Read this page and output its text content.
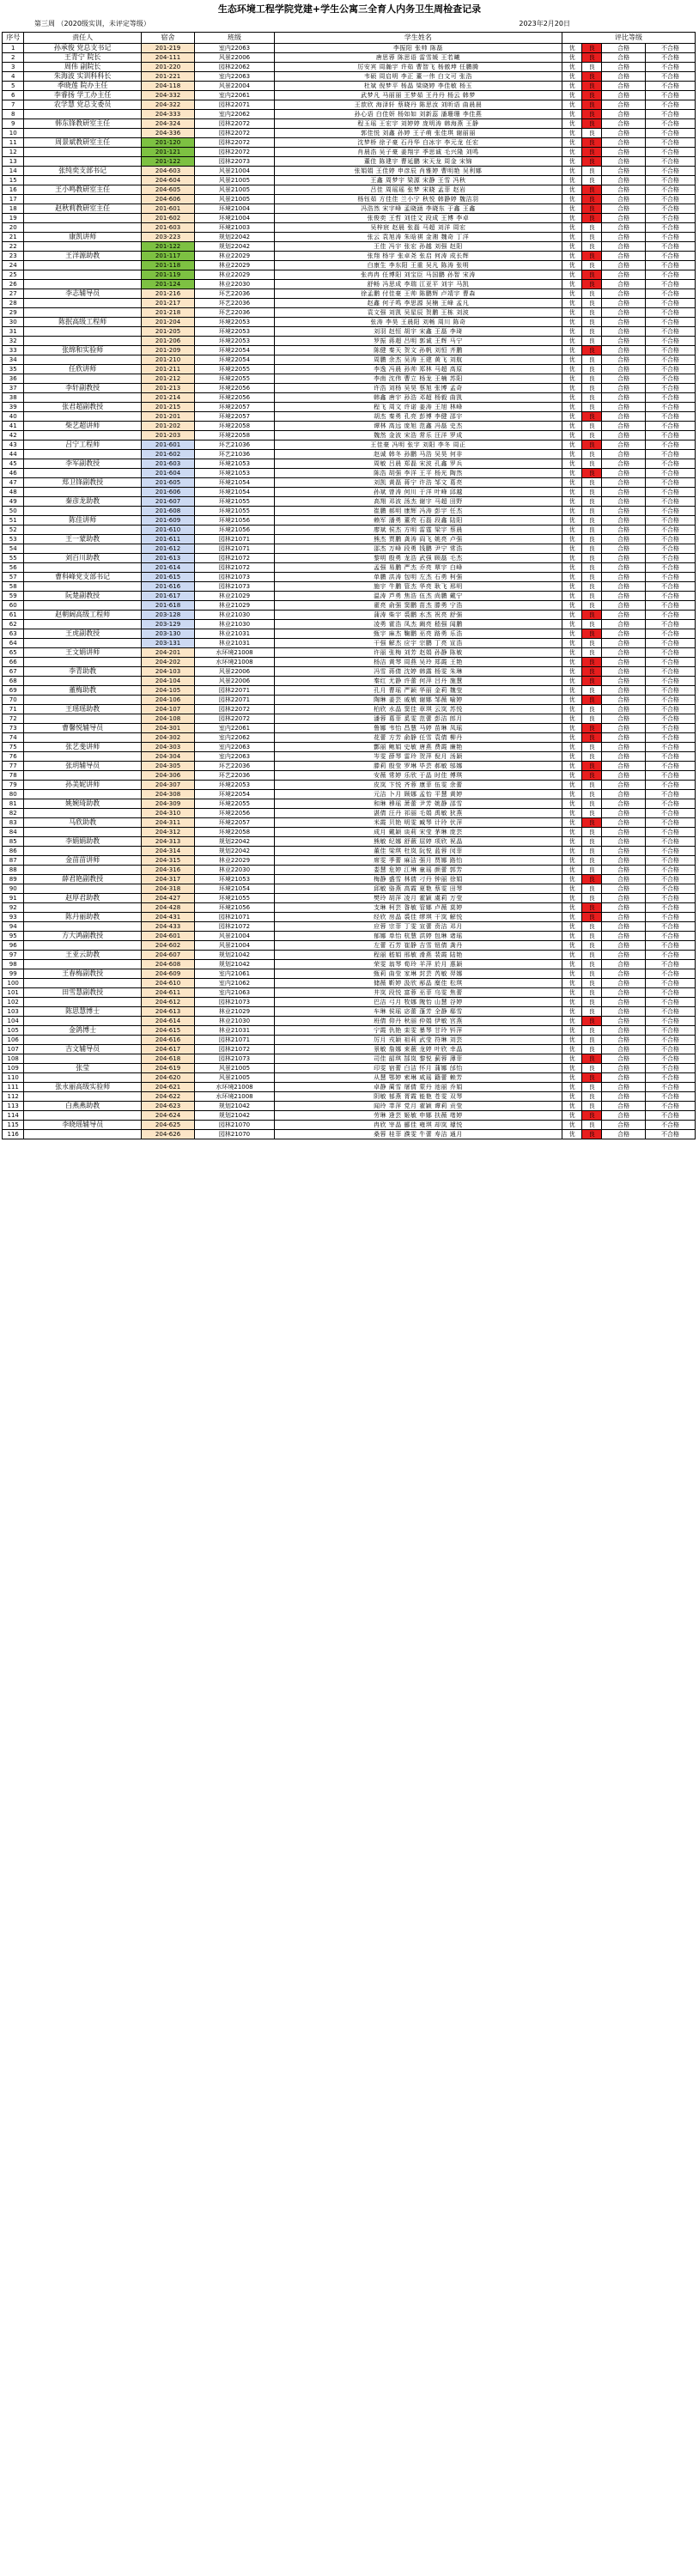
生态环境工程学院党建+学生公寓三全育人内务卫生周检查记录
第三周 （2020级实训，未评定等级）	2023年2月20日
序号	责任人	宿舍	班级	学生姓名	评比等级			
1	孙承俊 党总支书记	201-219	室内22063	李振阳 张帅 陈磊	优	良	合格	不合格
2	王青宁 院长	204-111	风景22006	唐思蓉 陈思语 雷雪媛 王若曦	优	良	合格	不合格
3	周伟 副院长	201-220	园林22062	厉安宾 周瀚宇 许茹 曹智飞 杨傲坤 任鹏腾	优	良	合格	不合格
4	朱海波 实训科科长	201-221	室内22063	韦硕 周启明 李正 董一伟 白文可 张浩	优	良	合格	不合格
5	季晓莲 院办主任	204-118	风景22004	杜斌 倪梦平 杨晶 梁晓婷 李佳敏 杨玉	优	良	合格	不合格
6	李睿扬 学工办主任	204-332	室内22061	武梦凡 马丽丽 王梦茹 王丹丹 杨云 韩梦	优	良	合格	不合格
7	农学慧 党总支委员	204-322	园林22071	王歆欣 海泽轩 蔡晓丹 陈思汝 刘昕语 曲晨晨	优	良	合格	不合格
8		204-333	室内22062	孙心语 白佳妍 杨如如 刘新蕊 潘珊珊 李佳燕	优	良	合格	不合格
9	韩东锋教研室主任	204-324	园林22072	程玉瑶 王宏宇 刘婷婷 庞明涛 韩海燕 王静	优	良	合格	不合格
10		204-336	园林22072	郭佳悦 刘鑫 孙婷 王子萌 张佳琪 谢丽丽	优	良	合格	不合格
11	周景斌教研室主任	201-120	园林22072	沈梦桥 徐子豪 石丹华 白冰宇 李元龙 任宏	优	良	合格	不合格
12		201-121	园林22072	肖晨浩 吴子豪 姜翔宇 季思诚 毛兴隆 刘鸣	优	良	合格	不合格
13		201-122	园林22073	董佳 陈建宇 曹延鹏 宋天龙 周金 宋锦	优	良	合格	不合格
14	张纯奕支部书记	204-603	风景21004	张娟娟 王佳婷 申彦辰 肖雅婷 曹明艳 吴利娜	优	良	合格	不合格
15		204-604	风景21005	王鑫 周梦宇 梁源 宋静 王雪 冯秋	优	良	合格	不合格
16	王小鸣教研室主任	204-605	风景21005	吕佳 周瑶瑶 张梦 宋晓 孟菲 赵岩	优	良	合格	不合格
17		204-606	风景21005	杨钰茹 方佳佳 兰小宁 秋悦 韩静婷 魏洁羽	优	良	合格	不合格
18	赵秋莉教研室主任	201-601	环境21004	冯浩然 宋宇峰 孟晓涵 李晓东 于鑫 王鑫	优	良	合格	不合格
19		201-602	环境21004	张俊奕 王哲 刘佳文 段成 王博 李卓	优	良	合格	不合格
20		201-603	环境21003	吴梓宸 赵晨 张磊 马超 刘洋 周宏	优	良	合格	不合格
21	康凯讲师	203-223	规划22042	张云 袁旭涛 朱晗祺 金湘 魏奇 丁洋	优	良	合格	不合格
22		201-122	规划22042	王佳 冯宇 张宏 孙越 刘强 赵阳	优	良	合格	不合格
23	王洋源助教	201-117	林业22029	张翔 杨宇 张卓尧 张启 何涛 成长辉	优	良	合格	不合格
24		201-118	林业22029	白康生 李东阳 王重 吴凡 陈涛 张明	优	良	合格	不合格
25		201-119	林业22029	张冉冉 任博阳 刘宝臣 马国鹏 孙智 宋涛	优	良	合格	不合格
26		201-124	林业22030	舒畅 冯思成 李瑞 江亚平 刘宇 马凯	优	良	合格	不合格
27	李志辅导员	201-216	环艺22036	徐孟鹏 付佳豪 王帅 陈鹏辉 卢靖宇 曹森	优	良	合格	不合格
28		201-217	环艺22036	赵鑫 何子鸣 李思源 吴楠 王峰 孟凡	优	良	合格	不合格
29		201-218	环艺22036	袁文强 刘凯 吴星辰 贺鹏 王栋 刘波	优	良	合格	不合格
30	陈抿高级工程师	201-204	环境22053	张涛 李昊 王晨阳 刘畅 周川 陈奇	优	良	合格	不合格
31		201-205	环境22053	刘羽 赵恒 胡宇 宋鑫 王磊 李琦	优	良	合格	不合格
32		201-206	环境22053	罗振 蒋超 吕明 郭诚 王辉 马宁	优	良	合格	不合格
33	张绵和实验师	201-209	环境22054	陈健 秦天 贺文 孙帆 刘恒 齐鹏	优	良	合格	不合格
34		201-210	环境22054	周鹏 余杰 吴涛 王建 黄飞 刘航	优	良	合格	不合格
35	任欣讲师	201-211	环境22055	李逸 冯晨 孙帅 郑林 马超 高原	优	良	合格	不合格
36		201-212	环境22055	李南 沈伟 曹立 杨龙 王楠 苏阳	优	良	合格	不合格
37	李轩副教授	201-213	环境22056	许浩 刘杨 吴昊 蔡旭 张博 孟奇	优	良	合格	不合格
38		201-214	环境22056	韩鑫 唐宇 孙浩 邓超 杨毅 曲凯	优	良	合格	不合格
39	张君超副教授	201-215	环境22057	程飞 周文 许诺 姜涛 王旭 林峰	优	良	合格	不合格
40		201-201	环境22057	胡杰 秦勇 孔亮 彭博 李健 邵宇	优	良	合格	不合格
41	柴艺超讲师	201-202	环境22058	谭林 高远 庞旭 范鑫 冯磊 史杰	优	良	合格	不合格
42		201-203	环境22058	魏然 金波 宋浩 常乐 汪洋 罗成	优	良	合格	不合格
43	吕宁工程师	201-601	环艺21036	王佳豪 冯明 张宇 刘阳 李冬 周正	优	良	合格	不合格
44		201-602	环艺21036	赵诚 韩冬 孙鹏 马浩 吴昊 何非	优	良	合格	不合格
45	李军副教授	201-603	环境21053	周敏 吕晨 郑磊 宋波 孔鑫 罗兵	优	良	合格	不合格
46		201-604	环境21053	陈浩 胡强 李洋 王平 杨光 陶然	优	良	合格	不合格
47	郑卫锋副教授	201-605	环境21054	刘凯 黄磊 蒋宁 许浩 邹文 葛亮	优	良	合格	不合格
48		201-606	环境21054	孙斌 曾涛 何川 于洋 叶峰 邱越	优	良	合格	不合格
49	秦彦龙助教	201-607	环境21055	高翔 邓波 汤杰 谢宇 马超 田野	优	良	合格	不合格
50		201-608	环境21055	崔鹏 郝明 康辉 冯涛 彭宇 任杰	优	良	合格	不合格
51	陈佳讲师	201-609	环境21056	赖军 潘勇 董亮 石磊 段鑫 陆阳	优	良	合格	不合格
52		201-610	环境21056	廖斌 侯杰 方明 雷霆 梁宇 蔡晨	优	良	合格	不合格
53	王一蒙助教	201-611	园林21071	熊杰 贾鹏 龚涛 阎飞 姚亮 卢强	优	良	合格	不合格
54		201-612	园林21071	邵杰 万峰 段勇 钱鹏 尹宁 常浩	优	良	合格	不合格
55	刘百川助教	201-613	园林21072	黎明 殷勇 龙浩 武强 顾磊 毛杰	优	良	合格	不合格
56		201-614	园林21072	孟强 易鹏 严杰 乔亮 覃宇 白峰	优	良	合格	不合格
57	曹科峰党支部书记	201-615	园林21073	单鹏 洪涛 包明 左杰 石勇 柯强	优	良	合格	不合格
58		201-616	园林21073	施宇 牛鹏 管杰 华亮 耿飞 邢明	优	良	合格	不合格
59	阮楚副教授	201-617	林业21029	温涛 芦勇 焦浩 伍杰 尚鹏 戴宁	优	良	合格	不合格
60		201-618	林业21029	翟亮 俞强 窦鹏 苗杰 滕勇 宁浩	优	良	合格	不合格
61	赵朝阔高级工程师	203-128	林业21030	蒲涛 柴宇 裘鹏 水杰 祝亮 舒强	优	良	合格	不合格
62		203-129	林业21030	凌勇 霍浩 凤杰 阚亮 嵇强 闻鹏	优	良	合格	不合格
63	王虎副教授	203-130	林业21031	甄宇 麻杰 鞠鹏 巫亮 路勇 乐浩	优	良	合格	不合格
64		203-131	林业21031	干强 解杰 应宇 宗鹏 丁亮 宣浩	优	良	合格	不合格
65	王文娟讲师	204-201	水环境21008	许丽 张梅 刘芳 赵娟 孙静 陈敏	优	良	合格	不合格
66		204-202	水环境21008	杨洁 黄琴 周燕 吴玲 郑霞 王艳	优	良	合格	不合格
67	李青助教	204-103	风景22006	冯雪 蒋倩 沈婷 韩露 杨雯 朱琳	优	良	合格	不合格
68		204-104	风景22006	秦红 尤静 许蕾 何萍 吕丹 施慧	优	良	合格	不合格
69	董梅助教	204-105	园林22071	孔月 曹瑶 严颖 华丽 金莉 魏莹	优	良	合格	不合格
70		204-106	园林22071	陶琳 姜芸 戚敏 谢娜 邹薇 喻婷	优	良	合格	不合格
71	王瑶瑶助教	204-107	园林22072	柏欣 水晶 窦佳 章琪 云岚 苏悦	优	良	合格	不合格
72		204-108	园林22072	潘蓉 葛菲 奚雯 范蕾 彭洁 郎月	优	良	合格	不合格
73	曹馨悦辅导员	204-301	室内22061	鲁娜 韦怡 昌慧 马婷 苗琳 凤瑶	优	良	合格	不合格
74		204-302	室内22062	花蕾 方芳 俞静 任雪 袁倩 柳丹	优	良	合格	不合格
75	张艺斐讲师	204-303	室内22063	酆丽 鲍娟 史敏 唐燕 费霞 廉艳	优	良	合格	不合格
76		204-304	室内22063	岑雯 薛琴 雷玲 贺萍 倪月 汤颖	优	良	合格	不合格
77	张玥辅导员	204-305	环艺22036	滕莉 殷莹 罗琳 毕芸 郝敏 邬娜	优	良	合格	不合格
78		204-306	环艺22036	安薇 常婷 乐欣 于晶 时佳 傅琪	优	良	合格	不合格
79	孙美妮讲师	204-307	环境22053	皮岚 卞悦 齐蓉 康菲 伍雯 余蕾	优	良	合格	不合格
80		204-308	环境22054	元洁 卜月 顾娜 孟怡 平慧 黄婷	优	良	合格	不合格
81	姚婉琦助教	204-309	环境22055	和琳 穆瑶 萧蕾 尹芳 姚静 邵雪	优	良	合格	不合格
82		204-310	环境22056	湛倩 汪丹 祁丽 毛娟 禹敏 狄燕	优	良	合格	不合格
83	马欣助教	204-311	环境22057	米霞 贝艳 明雯 臧琴 计玲 伏萍	优	良	合格	不合格
84		204-312	环境22058	成月 戴颖 谈莉 宋莹 茅琳 庞芸	优	良	合格	不合格
85	李娟娟助教	204-313	规划22042	熊敏 纪娜 舒薇 屈婷 项欣 祝晶	优	良	合格	不合格
86		204-314	规划22042	董佳 梁琪 杜岚 阮悦 蓝蓉 闵菲	优	良	合格	不合格
87	金苗苗讲师	204-315	林业22029	席雯 季蕾 麻洁 强月 贾娜 路怡	优	良	合格	不合格
88		204-316	林业22030	娄慧 危婷 江琳 童瑶 颜蕾 郭芳	优	良	合格	不合格
89	薛君艳副教授	204-317	环境21053	梅静 盛雪 林倩 刁丹 钟丽 徐娟	优	良	合格	不合格
90		204-318	环境21054	邱敏 骆燕 高霞 夏艳 蔡雯 田琴	优	良	合格	不合格
91	赵厚君助教	204-427	环境21055	樊玲 胡萍 凌月 霍颖 虞莉 万莹	优	良	合格	不合格
92		204-428	环境21056	支琳 柯芸 昝敏 管娜 卢薇 莫婷	优	良	合格	不合格
93	陈丹丽助教	204-431	园林21071	经欣 房晶 裘佳 缪琪 干岚 解悦	优	良	合格	不合格
94		204-433	园林21072	应蓉 宗菲 丁雯 宣蕾 贲洁 邓月	优	良	合格	不合格
95	方大鸿副教授	204-601	风景21004	郁娜 单怡 杭慧 洪婷 包琳 诸瑶	优	良	合格	不合格
96		204-602	风景21004	左蕾 石芳 崔静 吉雪 钮倩 龚丹	优	良	合格	不合格
97	王亚云助教	204-607	规划21042	程丽 嵇娟 邢敏 滑燕 裴霞 陆艳	优	良	合格	不合格
98		204-608	规划21042	荣雯 翁琴 荀玲 羊萍 於月 惠颖	优	良	合格	不合格
99	王春梅副教授	204-609	室内21061	甄莉 曲莹 家琳 封芸 芮敏 羿娜	优	良	合格	不合格
100		204-610	室内21062	储薇 靳婷 汲欣 邴晶 糜佳 松琪	优	良	合格	不合格
101	田雪慧副教授	204-611	室内21063	井岚 段悦 富蓉 巫菲 乌雯 焦蕾	优	良	合格	不合格
102		204-612	园林21073	巴洁 弓月 牧娜 隗怡 山慧 谷婷	优	良	合格	不合格
103	陈思慧博士	204-613	林业21029	车琳 侯瑶 宓蕾 蓬芳 全静 郗雪	优	良	合格	不合格
104		204-614	林业21030	班倩 仰丹 秋丽 仲娟 伊敏 宫燕	优	良	合格	不合格
105	金鸽博士	204-615	林业21031	宁霞 仇艳 栾雯 暴琴 甘玲 钭萍	优	良	合格	不合格
106		204-616	园林21071	厉月 戎颖 祖莉 武莹 符琳 刘芸	优	良	合格	不合格
107	吉文辅导员	204-617	园林21072	景敏 詹娜 束薇 龙婷 叶欣 幸晶	优	良	合格	不合格
108		204-618	园林21073	司佳 韶琪 郜岚 黎悦 蓟蓉 薄菲	优	良	合格	不合格
109	张莹	204-619	风景21005	印雯 宿蕾 白洁 怀月 蒲娜 邰怡	优	良	合格	不合格
110		204-620	风景21005	从慧 鄂婷 索琳 咸瑶 籍蕾 赖芳	优	良	合格	不合格
111	张永丽高级实验师	204-621	水环境21008	卓静 蔺雪 屠倩 蒙丹 池丽 乔娟	优	良	合格	不合格
112		204-622	水环境21008	阴敏 郁燕 胥霞 能艳 苍雯 双琴	优	良	合格	不合格
113	白燕燕助教	204-623	规划21042	闻玲 莘萍 党月 翟颖 谭莉 贡莹	优	良	合格	不合格
114		204-624	规划21042	劳琳 逄芸 姬敏 申娜 扶薇 堵婷	优	良	合格	不合格
115	李晓瑶辅导员	204-625	园林21070	冉欣 宰晶 郦佳 雍琪 却岚 璩悦	优	良	合格	不合格
116		204-626	园林21070	桑蓉 桂菲 濮雯 牛蕾 寿洁 通月	优	良	合格	不合格
